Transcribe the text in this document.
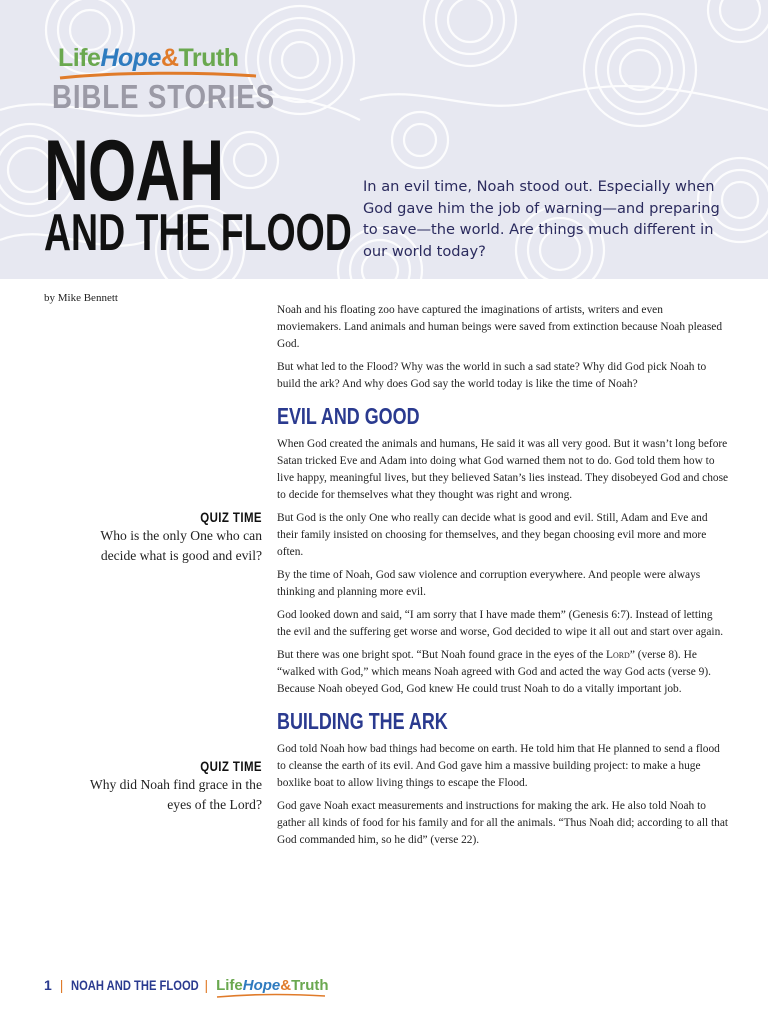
LifeHope&Truth
BIBLE STORIES
NOAH
AND THE FLOOD
In an evil time, Noah stood out. Especially when God gave him the job of warning—and preparing to save—the world. Are things much different in our world today?
by Mike Bennett
QUIZ TIME
Who is the only One who can decide what is good and evil?
QUIZ TIME
Why did Noah find grace in the eyes of the Lord?

Noah and his floating zoo have captured the imaginations of artists, writers and even moviemakers. Land animals and human beings were saved from extinction because Noah pleased God.

But what led to the Flood? Why was the world in such a sad state? Why did God pick Noah to build the ark? And why does God say the world today is like the time of Noah?

EVIL AND GOOD

When God created the animals and humans, He said it was all very good. But it wasn’t long before Satan tricked Eve and Adam into doing what God warned them not to do. God told them how to live happy, meaningful lives, but they believed Satan’s lies instead. They disobeyed God and chose to decide for themselves what they thought was right and wrong.

But God is the only One who really can decide what is good and evil. Still, Adam and Eve and their family insisted on choosing for themselves, and they began choosing evil more and more often.

By the time of Noah, God saw violence and corruption everywhere. And people were always thinking and planning more evil.

God looked down and said, “I am sorry that I have made them” (Genesis 6:7). Instead of letting the evil and the suffering get worse and worse, God decided to wipe it all out and start over again.

But there was one bright spot. “But Noah found grace in the eyes of the Lord” (verse 8). He “walked with God,” which means Noah agreed with God and acted the way God acts (verse 9). Because Noah obeyed God, God knew He could trust Noah to do a vitally important job.

BUILDING THE ARK

God told Noah how bad things had become on earth. He told him that He planned to send a flood to cleanse the earth of its evil. And God gave him a massive building project: to make a huge boxlike boat to allow living things to escape the Flood.

God gave Noah exact measurements and instructions for making the ark. He also told Noah to gather all kinds of food for his family and for all the animals. “Thus Noah did; according to all that God commanded him, so he did” (verse 22).

1 | NOAH AND THE FLOOD | LifeHope&Truth
